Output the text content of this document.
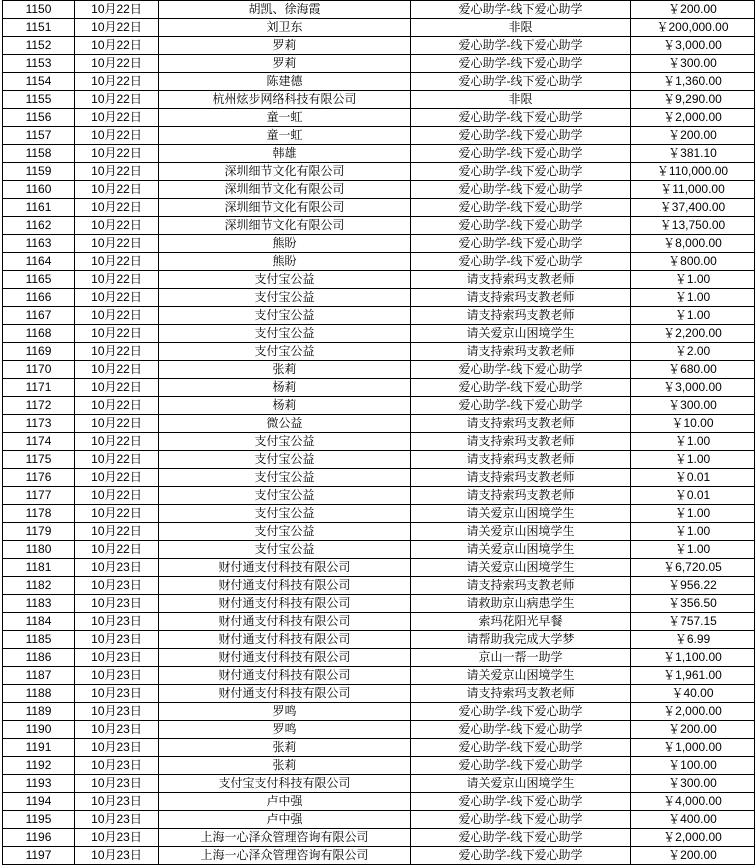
1150	10月22日	胡凯、徐海霞	爱心助学-线下爱心助学	￥200.00
1151	10月22日	刘卫东	非限	￥200,000.00
1152	10月22日	罗莉	爱心助学-线下爱心助学	￥3,000.00
1153	10月22日	罗莉	爱心助学-线下爱心助学	￥300.00
1154	10月22日	陈建德	爱心助学-线下爱心助学	￥1,360.00
1155	10月22日	杭州炫步网络科技有限公司	非限	￥9,290.00
1156	10月22日	童一虹	爱心助学-线下爱心助学	￥2,000.00
1157	10月22日	童一虹	爱心助学-线下爱心助学	￥200.00
1158	10月22日	韩雄	爱心助学-线下爱心助学	￥381.10
1159	10月22日	深圳细节文化有限公司	爱心助学-线下爱心助学	￥110,000.00
1160	10月22日	深圳细节文化有限公司	爱心助学-线下爱心助学	￥11,000.00
1161	10月22日	深圳细节文化有限公司	爱心助学-线下爱心助学	￥37,400.00
1162	10月22日	深圳细节文化有限公司	爱心助学-线下爱心助学	￥13,750.00
1163	10月22日	熊盼	爱心助学-线下爱心助学	￥8,000.00
1164	10月22日	熊盼	爱心助学-线下爱心助学	￥800.00
1165	10月22日	支付宝公益	请支持索玛支教老师	￥1.00
1166	10月22日	支付宝公益	请支持索玛支教老师	￥1.00
1167	10月22日	支付宝公益	请支持索玛支教老师	￥1.00
1168	10月22日	支付宝公益	请关爱京山困境学生	￥2,200.00
1169	10月22日	支付宝公益	请支持索玛支教老师	￥2.00
1170	10月22日	张莉	爱心助学-线下爱心助学	￥680.00
1171	10月22日	杨莉	爱心助学-线下爱心助学	￥3,000.00
1172	10月22日	杨莉	爱心助学-线下爱心助学	￥300.00
1173	10月22日	微公益	请支持索玛支教老师	￥10.00
1174	10月22日	支付宝公益	请支持索玛支教老师	￥1.00
1175	10月22日	支付宝公益	请支持索玛支教老师	￥1.00
1176	10月22日	支付宝公益	请支持索玛支教老师	￥0.01
1177	10月22日	支付宝公益	请支持索玛支教老师	￥0.01
1178	10月22日	支付宝公益	请关爱京山困境学生	￥1.00
1179	10月22日	支付宝公益	请关爱京山困境学生	￥1.00
1180	10月22日	支付宝公益	请关爱京山困境学生	￥1.00
1181	10月23日	财付通支付科技有限公司	请关爱京山困境学生	￥6,720.05
1182	10月23日	财付通支付科技有限公司	请支持索玛支教老师	￥956.22
1183	10月23日	财付通支付科技有限公司	请救助京山病患学生	￥356.50
1184	10月23日	财付通支付科技有限公司	索玛花阳光早餐	￥757.15
1185	10月23日	财付通支付科技有限公司	请帮助我完成大学梦	￥6.99
1186	10月23日	财付通支付科技有限公司	京山一帮一助学	￥1,100.00
1187	10月23日	财付通支付科技有限公司	请关爱京山困境学生	￥1,961.00
1188	10月23日	财付通支付科技有限公司	请支持索玛支教老师	￥40.00
1189	10月23日	罗鸣	爱心助学-线下爱心助学	￥2,000.00
1190	10月23日	罗鸣	爱心助学-线下爱心助学	￥200.00
1191	10月23日	张莉	爱心助学-线下爱心助学	￥1,000.00
1192	10月23日	张莉	爱心助学-线下爱心助学	￥100.00
1193	10月23日	支付宝支付科技有限公司	请关爱京山困境学生	￥300.00
1194	10月23日	卢中强	爱心助学-线下爱心助学	￥4,000.00
1195	10月23日	卢中强	爱心助学-线下爱心助学	￥400.00
1196	10月23日	上海一心泽众管理咨询有限公司	爱心助学-线下爱心助学	￥2,000.00
1197	10月23日	上海一心泽众管理咨询有限公司	爱心助学-线下爱心助学	￥200.00
